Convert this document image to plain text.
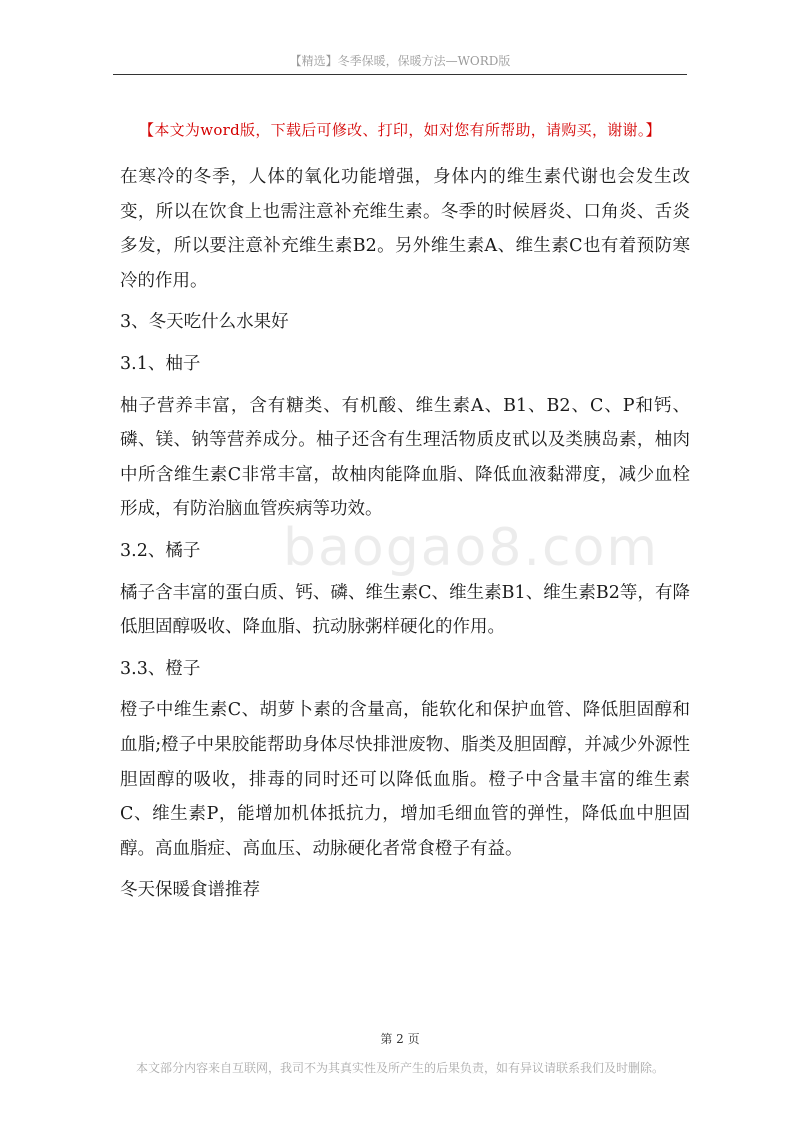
【精选】冬季保暖，保暖方法—WORD版
【本文为word版，下载后可修改、打印，如对您有所帮助，请购买，谢谢。】

在寒冷的冬季，人体的氧化功能增强，身体内的维生素代谢也会发生改变，所以在饮食上也需注意补充维生素。冬季的时候唇炎、口角炎、舌炎多发，所以要注意补充维生素B2。另外维生素A、维生素C也有着预防寒冷的作用。

3、冬天吃什么水果好

3.1、柚子

柚子营养丰富，含有糖类、有机酸、维生素A、B1、B2、C、P和钙、磷、镁、钠等营养成分。柚子还含有生理活物质皮甙以及类胰岛素，柚肉中所含维生素C非常丰富，故柚肉能降血脂、降低血液黏滞度，减少血栓形成，有防治脑血管疾病等功效。

3.2、橘子

橘子含丰富的蛋白质、钙、磷、维生素C、维生素B1、维生素B2等，有降低胆固醇吸收、降血脂、抗动脉粥样硬化的作用。

3.3、橙子

橙子中维生素C、胡萝卜素的含量高，能软化和保护血管、降低胆固醇和血脂;橙子中果胶能帮助身体尽快排泄废物、脂类及胆固醇，并减少外源性胆固醇的吸收，排毒的同时还可以降低血脂。橙子中含量丰富的维生素C、维生素P，能增加机体抵抗力，增加毛细血管的弹性，降低血中胆固醇。高血脂症、高血压、动脉硬化者常食橙子有益。

冬天保暖食谱推荐

baogao8.com
第 2 页
本文部分内容来自互联网，我司不为其真实性及所产生的后果负责，如有异议请联系我们及时删除。
